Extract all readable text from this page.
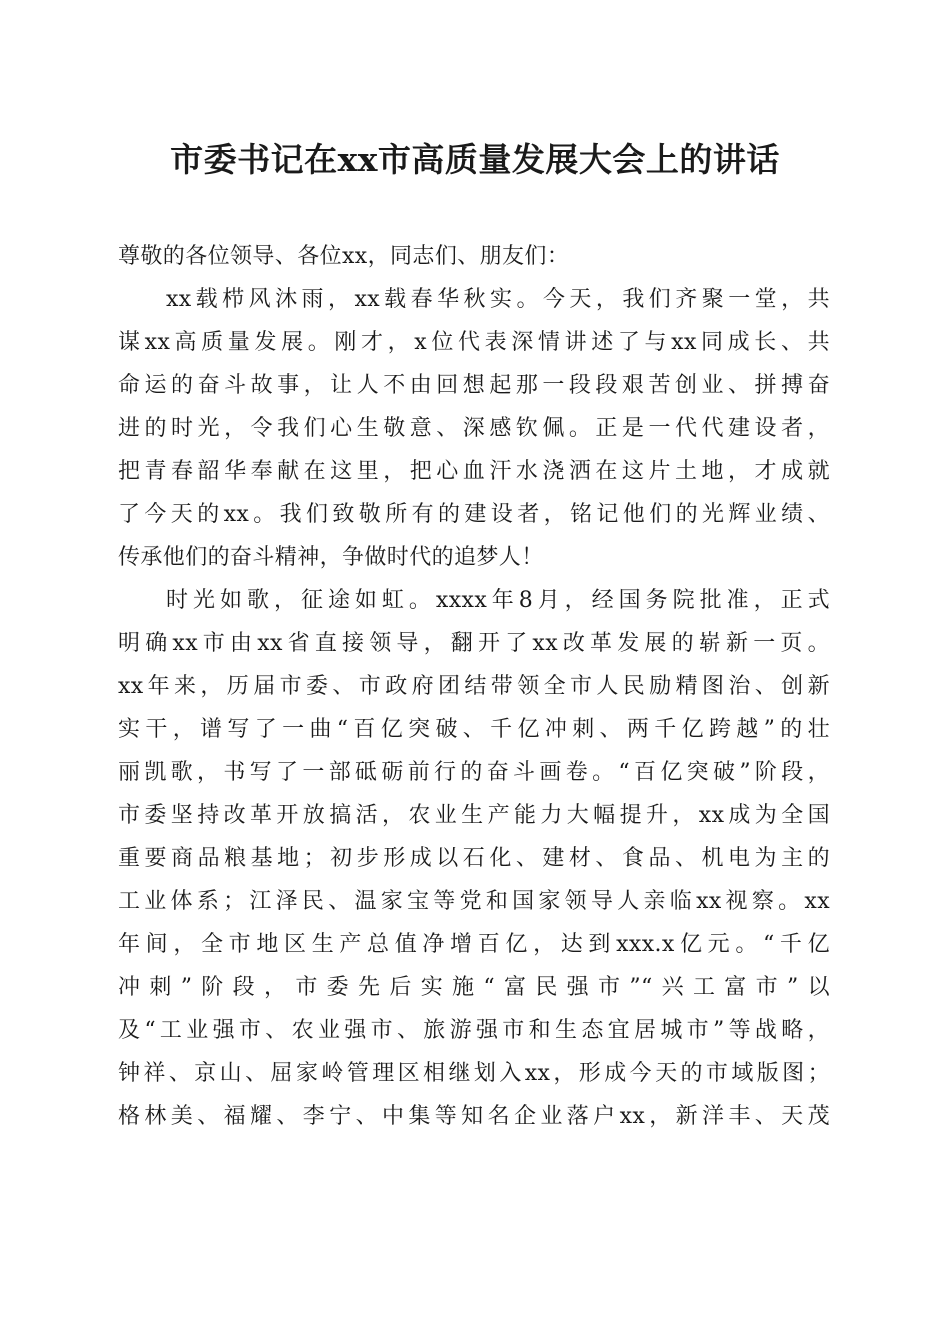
市委书记在xx市高质量发展大会上的讲话
尊敬的各位领导、各位xx，同志们、朋友们：
xx载栉风沐雨，xx载春华秋实。今天，我们齐聚一堂，共
谋xx高质量发展。刚才，x位代表深情讲述了与xx同成长、共
命运的奋斗故事，让人不由回想起那一段段艰苦创业、拼搏奋
进的时光，令我们心生敬意、深感钦佩。正是一代代建设者，
把青春韶华奉献在这里，把心血汗水浇洒在这片土地，才成就
了今天的xx。我们致敬所有的建设者，铭记他们的光辉业绩、
传承他们的奋斗精神，争做时代的追梦人！
时光如歌，征途如虹。xxxx年8月，经国务院批准，正式
明确xx市由xx省直接领导，翻开了xx改革发展的崭新一页。
xx年来，历届市委、市政府团结带领全市人民励精图治、创新
实干，谱写了一曲“百亿突破、千亿冲刺、两千亿跨越”的壮
丽凯歌，书写了一部砥砺前行的奋斗画卷。“百亿突破”阶段，
市委坚持改革开放搞活，农业生产能力大幅提升，xx成为全国
重要商品粮基地；初步形成以石化、建材、食品、机电为主的
工业体系；江泽民、温家宝等党和国家领导人亲临xx视察。xx
年间，全市地区生产总值净增百亿，达到xxx.x亿元。“千亿
冲刺”阶段，市委先后实施“富民强市”“兴工富市”以
及“工业强市、农业强市、旅游强市和生态宜居城市”等战略，
钟祥、京山、屈家岭管理区相继划入xx，形成今天的市域版图；
格林美、福耀、李宁、中集等知名企业落户xx，新洋丰、天茂
